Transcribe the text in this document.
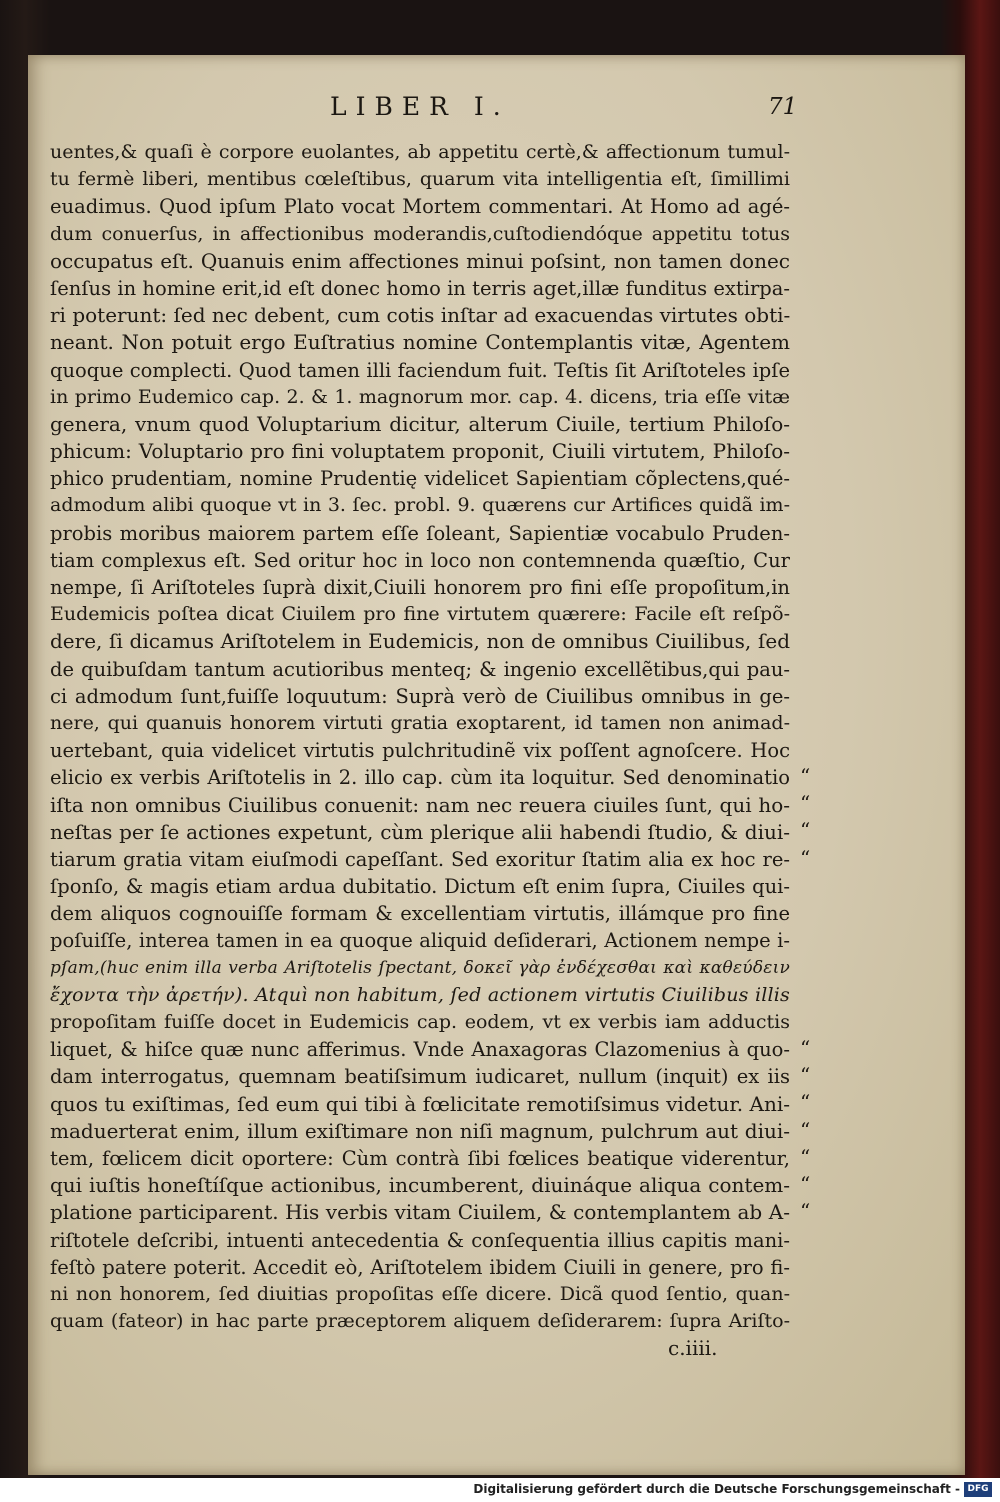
LIBER I.	71
uentes,& quaſi è corpore euolantes, ab appetitu certè,& affectionum tumul-
tu fermè liberi, mentibus cœleſtibus, quarum vita intelligentia eſt, ſimillimi
euadimus. Quod ipſum Plato vocat Mortem commentari. At Homo ad agé-
dum conuerſus, in affectionibus moderandis,cuſtodiendóque appetitu totus
occupatus eſt. Quanuis enim affectiones minui poſsint, non tamen donec
ſenſus in homine erit,id eſt donec homo in terris aget,illæ funditus extirpa-
ri poterunt: ſed nec debent, cum cotis inſtar ad exacuendas virtutes obti-
neant. Non potuit ergo Euſtratius nomine Contemplantis vitæ, Agentem
quoque complecti. Quod tamen illi faciendum fuit. Teſtis ſit Ariſtoteles ipſe
in primo Eudemico cap. 2. & 1. magnorum mor. cap. 4. dicens, tria eſſe vitæ
genera, vnum quod Voluptarium dicitur, alterum Ciuile, tertium Philoſo-
phicum: Voluptario pro fini voluptatem proponit, Ciuili virtutem, Philoſo-
phico prudentiam, nomine Prudentię videlicet Sapientiam cõplectens,qué-
admodum alibi quoque vt in 3. ſec. probl. 9. quærens cur Artifices quidã im-
probis moribus maiorem partem eſſe ſoleant, Sapientiæ vocabulo Pruden-
tiam complexus eſt. Sed oritur hoc in loco non contemnenda quæſtio, Cur
nempe, ſi Ariſtoteles ſuprà dixit,Ciuili honorem pro fini eſſe propoſitum,in
Eudemicis poſtea dicat Ciuilem pro fine virtutem quærere: Facile eſt reſpõ-
dere, ſi dicamus Ariſtotelem in Eudemicis, non de omnibus Ciuilibus, ſed
de quibuſdam tantum acutioribus menteq; & ingenio excellẽtibus,qui pau-
ci admodum ſunt,fuiſſe loquutum: Suprà verò de Ciuilibus omnibus in ge-
nere, qui quanuis honorem virtuti gratia exoptarent, id tamen non animad-
uertebant, quia videlicet virtutis pulchritudinẽ vix poſſent agnoſcere. Hoc
elicio ex verbis Ariſtotelis in 2. illo cap. cùm ita loquitur. Sed denominatio
iſta non omnibus Ciuilibus conuenit: nam nec reuera ciuiles ſunt, qui ho-
neſtas per ſe actiones expetunt, cùm plerique alii habendi ſtudio, & diui-
tiarum gratia vitam eiuſmodi capeſſant. Sed exoritur ſtatim alia ex hoc re-
ſponſo, & magis etiam ardua dubitatio. Dictum eſt enim ſupra, Ciuiles qui-
dem aliquos cognouiſſe formam & excellentiam virtutis, illámque pro fine
poſuiſſe, interea tamen in ea quoque aliquid deſiderari, Actionem nempe i-
pſam,(huc enim illa verba Ariſtotelis ſpectant, δοκεῖ γὰρ ἐνδέχεσθαι καὶ καθεύδειν
ἔχοντα τὴν ἀρετήν). Atquì non habitum, ſed actionem virtutis Ciuilibus illis
propoſitam fuiſſe docet in Eudemicis cap. eodem, vt ex verbis iam adductis
liquet, & hiſce quæ nunc afferimus. Vnde Anaxagoras Clazomenius à quo-
dam interrogatus, quemnam beatiſsimum iudicaret, nullum (inquit) ex iis
quos tu exiſtimas, ſed eum qui tibi à fœlicitate remotiſsimus videtur. Ani-
maduerterat enim, illum exiſtimare non niſi magnum, pulchrum aut diui-
tem, fœlicem dicit oportere: Cùm contrà ſibi fœlices beatique viderentur,
qui iuſtis honeſtíſque actionibus, incumberent, diuináque aliqua contem-
platione participarent. His verbis vitam Ciuilem, & contemplantem ab A-
riſtotele deſcribi, intuenti antecedentia & conſequentia illius capitis mani-
feſtò patere poterit. Accedit eò, Ariſtotelem ibidem Ciuili in genere, pro fi-
ni non honorem, ſed diuitias propoſitas eſſe dicere. Dicã quod ſentio, quan-
quam (fateor) in hac parte præceptorem aliquem deſiderarem: ſupra Ariſto-
“
“
“
“
“
“
“
“
“
“
“
c.iiii.
Digitalisierung gefördert durch die Deutsche Forschungsgemeinschaft - DFG
